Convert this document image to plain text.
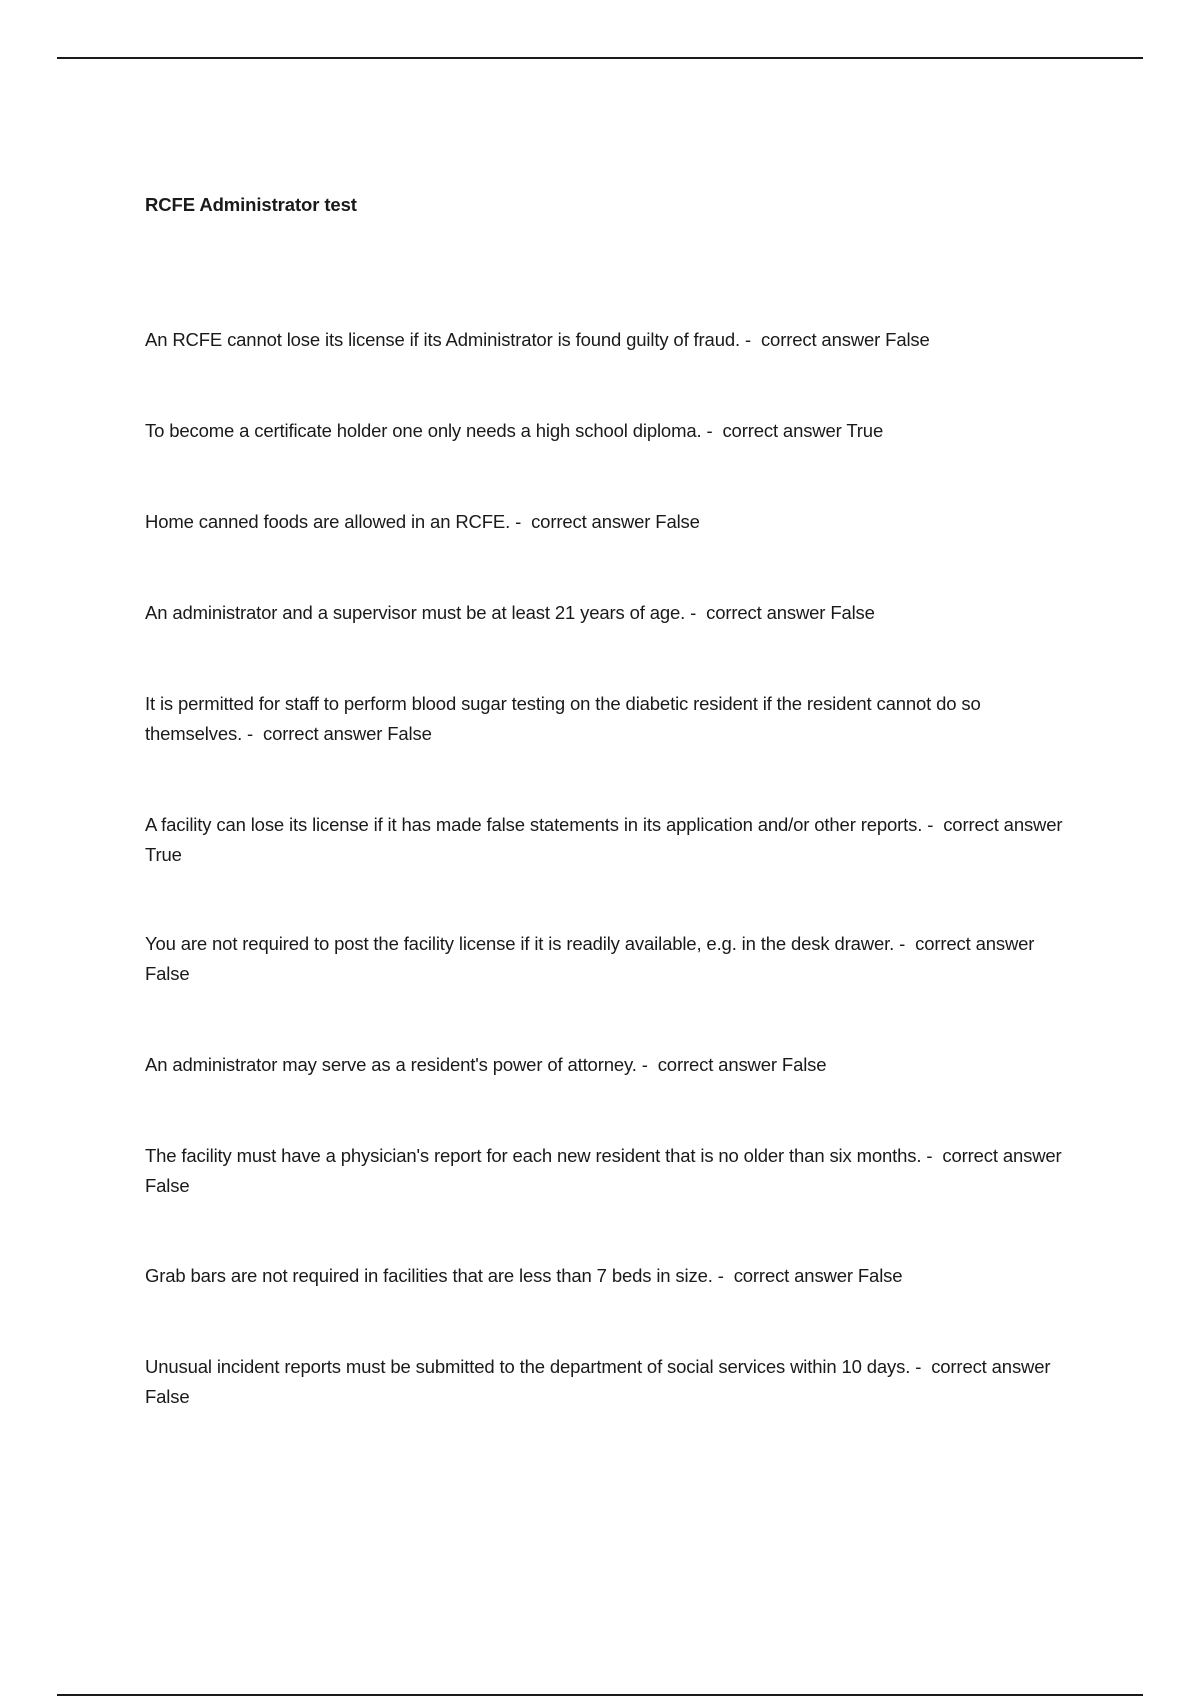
RCFE Administrator test
An RCFE cannot lose its license if its Administrator is found guilty of fraud. -  correct answer False
To become a certificate holder one only needs a high school diploma. -  correct answer True
Home canned foods are allowed in an RCFE. -  correct answer False
An administrator and a supervisor must be at least 21 years of age. -  correct answer False
It is permitted for staff to perform blood sugar testing on the diabetic resident if the resident cannot do so themselves. -  correct answer False
A facility can lose its license if it has made false statements in its application and/or other reports. -  correct answer True
You are not required to post the facility license if it is readily available, e.g. in the desk drawer. -  correct answer False
An administrator may serve as a resident's power of attorney. -  correct answer False
The facility must have a physician's report for each new resident that is no older than six months. -  correct answer False
Grab bars are not required in facilities that are less than 7 beds in size. -  correct answer False
Unusual incident reports must be submitted to the department of social services within 10 days. -  correct answer False
